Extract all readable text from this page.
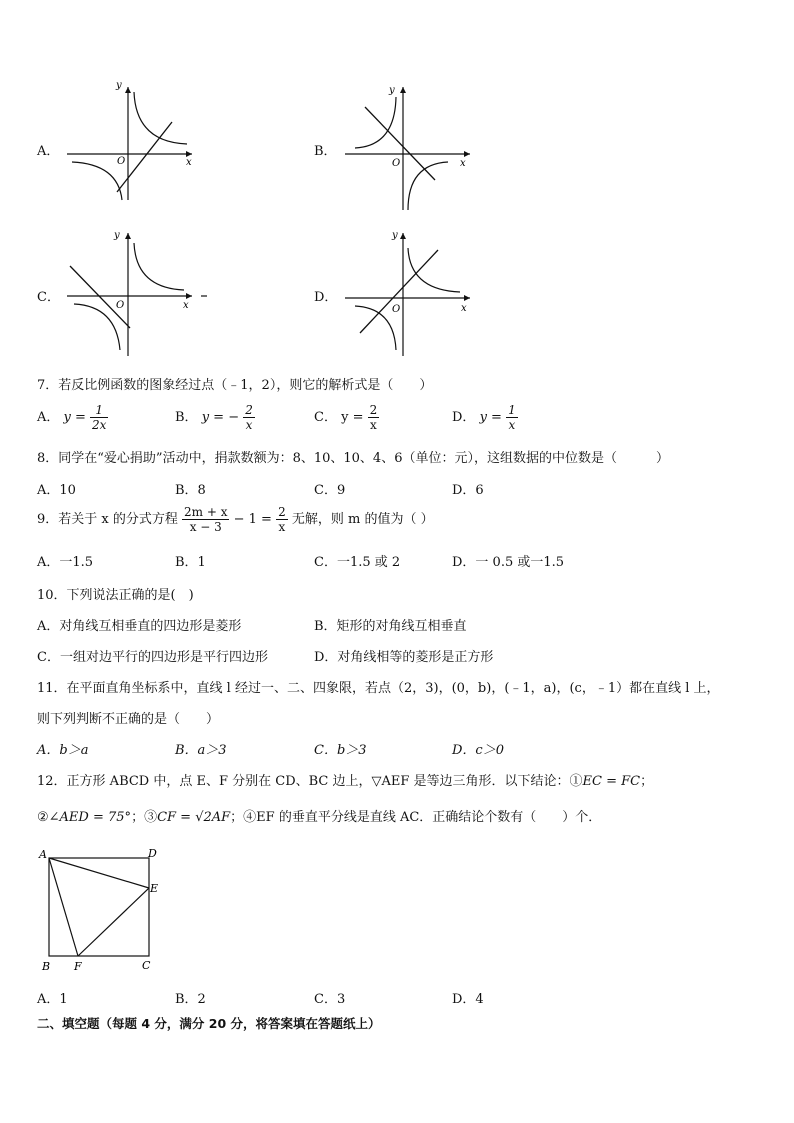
A．
y
x
O
B．
y
x
O
C．
y
x
O
D．
y
x
O
7．若反比例函数的图象经过点（﹣1，2），则它的解析式是（　　）
A． $y = \frac{1}{2x}$	B． y = − $\frac{2}{x}$	C． $y = \frac{2}{x}$	D． $y = \frac{1}{x}$
8．同学在“爱心捐助”活动中，捐款数额为：8、10、10、4、6（单位：元），这组数据的中位数是（　　　）
A．10	B．8	C．9	D．6
9．若关于 x 的分式方程 $\frac{2m + x}{x - 3} - 1 = \frac{2}{x}$ 无解，则 m 的值为（ ）
A．一1.5	B．1	C．一1.5 或 2	D．一 0.5 或一1.5
10．下列说法正确的是(　)
A．对角线互相垂直的四边形是菱形	B．矩形的对角线互相垂直
C．一组对边平行的四边形是平行四边形	D．对角线相等的菱形是正方形
11．在平面直角坐标系中，直线 l 经过一、二、四象限，若点（2，3)，(0，b)，(﹣1，a)，(c，﹣1）都在直线 l 上，
则下列判断不正确的是（　　）
A．b＞a	B．a＞3	C．b＞3	D．c＞0
12．正方形 ABCD 中，点 E、F 分别在 CD、BC 边上，▽AEF 是等边三角形．以下结论：①EC = FC；
②∠AED = 75°；③CF = √2AF；④EF 的垂直平分线是直线 AC．正确结论个数有（　　）个．
A	D
E
B F	C
A．1	B．2	C．3	D．4
二、填空题（每题 4 分，满分 20 分，将答案填在答题纸上）
